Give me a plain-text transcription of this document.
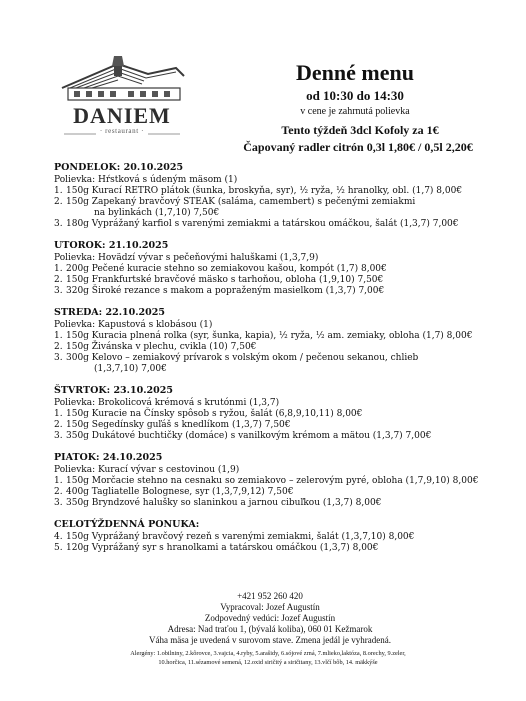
DANIEM
· restaurant ·
Denné menu
od 10:30 do 14:30
v cene je zahrnutá polievka
Tento týždeň 3dcl Kofoly za 1€
Čapovaný radler citrón 0,3l 1,80€ / 0,5l 2,20€
PONDELOK: 20.10.2025
Polievka: Hŕstková s údeným mäsom (1)
1. 150g Kurací RETRO plátok (šunka, broskyňa, syr), ½ ryža, ½ hranolky, obl. (1,7) 8,00€
2. 150g Zapekaný bravčový STEAK (saláma, camembert) s pečenými zemiakmi
na bylinkách (1,7,10) 7,50€
3. 180g Vyprážaný karfiol s varenými zemiakmi a tatárskou omáčkou, šalát (1,3,7) 7,00€
UTOROK: 21.10.2025
Polievka: Hovädzí vývar s pečeňovými haluškami (1,3,7,9)
1. 200g Pečené kuracie stehno so zemiakovou kašou, kompót (1,7) 8,00€
2. 150g Frankfurtské bravčové mäsko s tarhoňou, obloha (1,9,10) 7,50€
3. 320g Široké rezance s makom a popraženým masielkom (1,3,7) 7,00€
STREDA: 22.10.2025
Polievka: Kapustová s klobásou (1)
1. 150g Kuracia plnená rolka (syr, šunka, kapia), ½ ryža, ½ am. zemiaky, obloha (1,7) 8,00€
2. 150g Živánska v plechu, cvikla (10) 7,50€
3. 300g Kelovo – zemiakový prívarok s volským okom / pečenou sekanou, chlieb
(1,3,7,10) 7,00€
ŠTVRTOK: 23.10.2025
Polievka: Brokolicová krémová s krutónmi (1,3,7)
1. 150g Kuracie na Čínsky spôsob s ryžou, šalát (6,8,9,10,11) 8,00€
2. 150g Segedínsky guľáš s knedlíkom (1,3,7) 7,50€
3. 350g Dukátové buchtičky (domáce) s vanilkovým krémom a mätou (1,3,7) 7,00€
PIATOK: 24.10.2025
Polievka: Kurací vývar s cestovinou (1,9)
1. 150g Morčacie stehno na cesnaku so zemiakovo – zelerovým pyré, obloha (1,7,9,10) 8,00€
2. 400g Tagliatelle Bolognese, syr (1,3,7,9,12) 7,50€
3. 350g Bryndzové halušky so slaninkou a jarnou cibuľkou (1,3,7) 8,00€
CELOTÝŽDENNÁ PONUKA:
4. 150g Vyprážaný bravčový rezeň s varenými zemiakmi, šalát (1,3,7,10) 8,00€
5. 120g Vyprážaný syr s hranolkami a tatárskou omáčkou (1,3,7) 8,00€
+421 952 260 420
Vypracoval: Jozef Augustín
Zodpovedný vedúci: Jozef Augustín
Adresa: Nad traťou 1, (bývalá koliba), 060 01 Kežmarok
Váha mäsa je uvedená v surovom stave. Zmena jedál je vyhradená.
Alergény: 1.obilniny, 2.kôrovce, 3.vajcia, 4.ryby, 5.arašidy, 6.sójové zrná, 7.mlieko,laktóza, 8.orechy, 9.zeler,
10.horčica, 11.sézamové semená, 12.oxid siričitý a siričitany, 13.vlčí bôb, 14. mäkkýše
